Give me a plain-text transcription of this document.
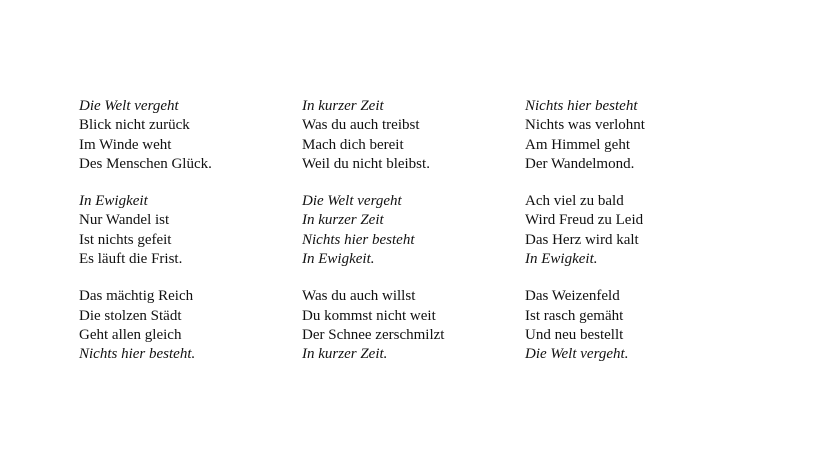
Die Welt vergeht
Blick nicht zurück
Im Winde weht
Des Menschen Glück.
In Ewigkeit
Nur Wandel ist
Ist nichts gefeit
Es läuft die Frist.
Das mächtig Reich
Die stolzen Städt
Geht allen gleich
Nichts hier besteht.
In kurzer Zeit
Was du auch treibst
Mach dich bereit
Weil du nicht bleibst.
Die Welt vergeht
In kurzer Zeit
Nichts hier besteht
In Ewigkeit.
Was du auch willst
Du kommst nicht weit
Der Schnee zerschmilzt
In kurzer Zeit.
Nichts hier besteht
Nichts was verlohnt
Am Himmel geht
Der Wandelmond.
Ach viel zu bald
Wird Freud zu Leid
Das Herz wird kalt
In Ewigkeit.
Das Weizenfeld
Ist rasch gemäht
Und neu bestellt
Die Welt vergeht.
